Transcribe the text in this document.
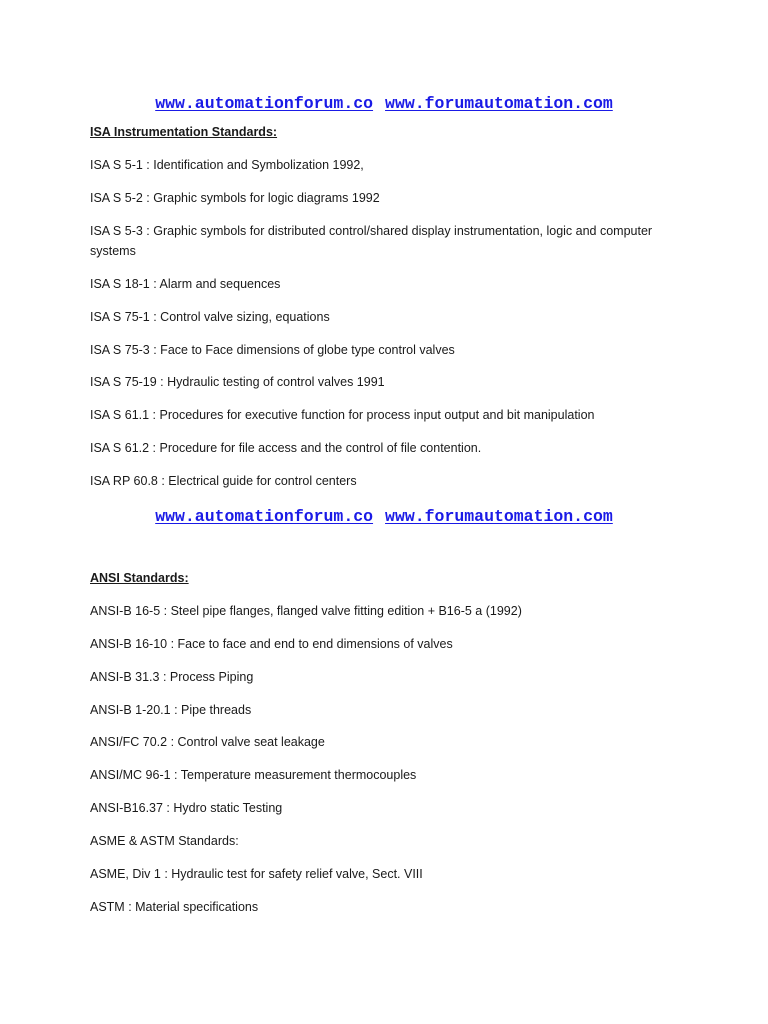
www.automationforum.co www.forumautomation.com
ISA Instrumentation Standards:
ISA S 5-1 : Identification and Symbolization 1992,
ISA S 5-2 : Graphic symbols for logic diagrams 1992
ISA S 5-3 : Graphic symbols for distributed control/shared display instrumentation, logic and computer systems
ISA S 18-1 : Alarm and sequences
ISA S 75-1 : Control valve sizing, equations
ISA S 75-3 : Face to Face dimensions of globe type control valves
ISA S 75-19 : Hydraulic testing of control valves 1991
ISA S 61.1 : Procedures for executive function for process input output and bit manipulation
ISA S 61.2 : Procedure for file access and the control of file contention.
ISA RP 60.8 : Electrical guide for control centers
www.automationforum.co www.forumautomation.com
ANSI Standards:
ANSI-B 16-5 : Steel pipe flanges, flanged valve fitting edition + B16-5 a (1992)
ANSI-B 16-10 : Face to face and end to end dimensions of valves
ANSI-B 31.3 : Process Piping
ANSI-B 1-20.1 : Pipe threads
ANSI/FC 70.2 : Control valve seat leakage
ANSI/MC 96-1 : Temperature measurement thermocouples
ANSI-B16.37 : Hydro static Testing
ASME & ASTM Standards:
ASME, Div 1 : Hydraulic test for safety relief valve, Sect. VIII
ASTM : Material specifications
